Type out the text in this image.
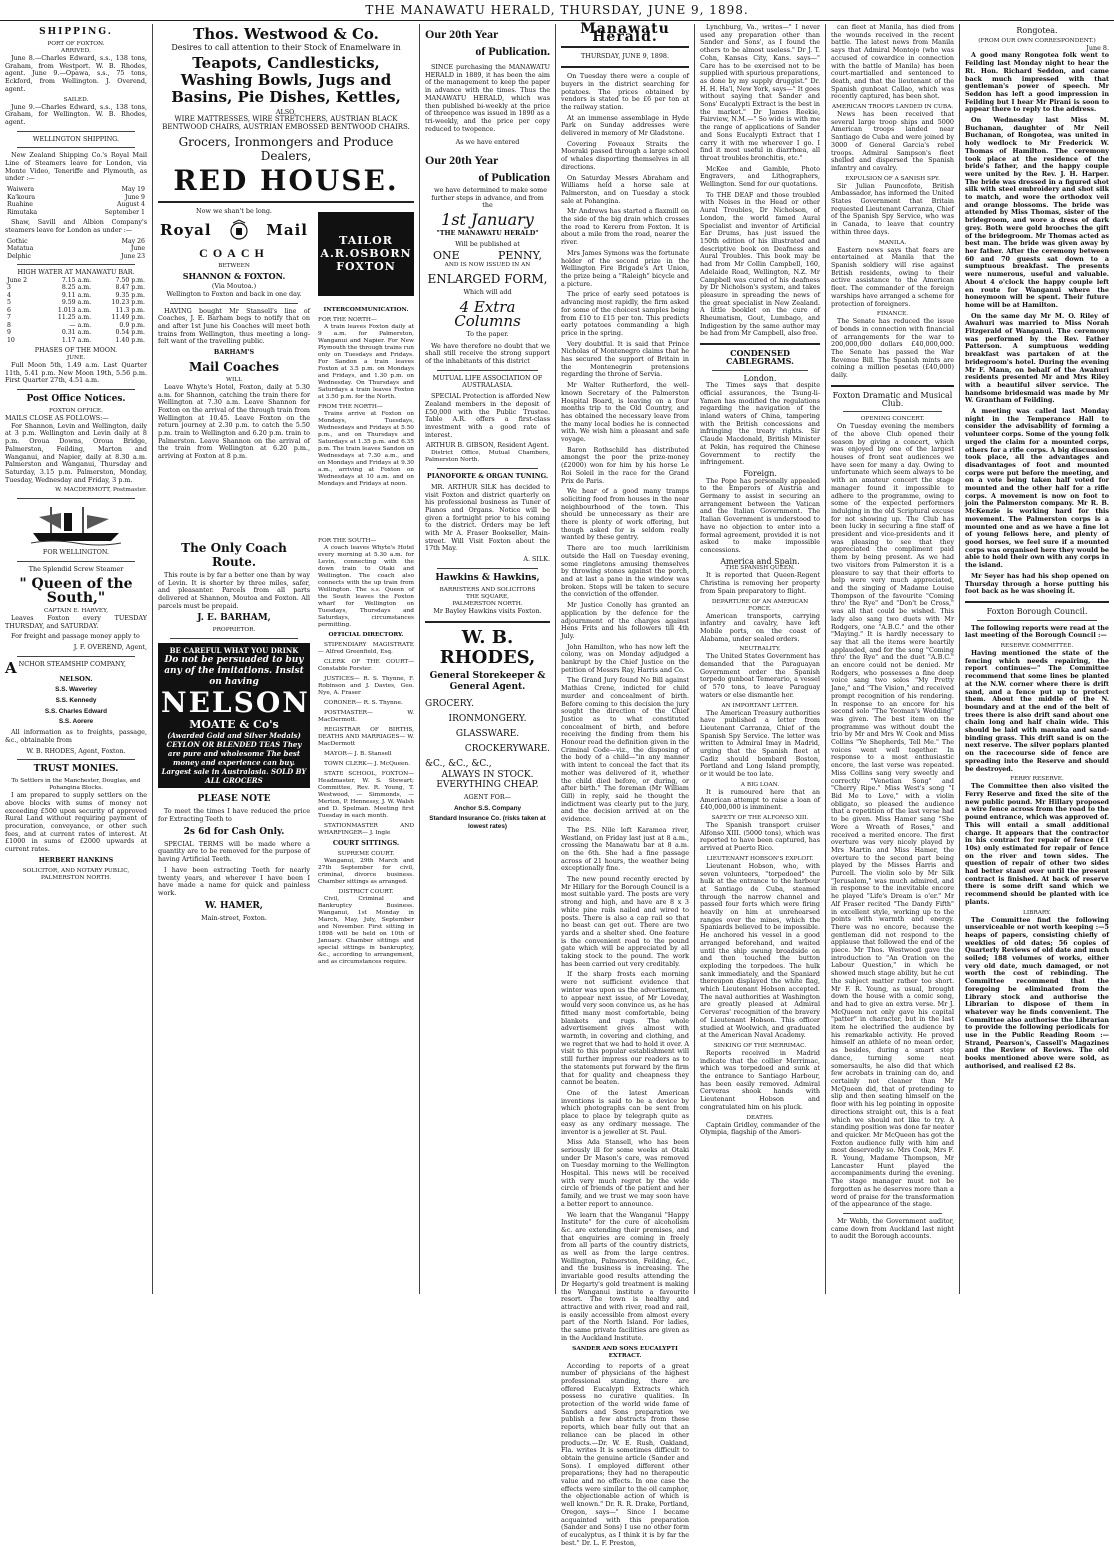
THE MANAWATU HERALD, THURSDAY, JUNE 9, 1898.
SHIPPING.
PORT OF FOXTON.
ARRIVED.

June 8.—Charles Edward, s.s., 138 tons, Graham, from Westport. W. B. Rhodes, agent. June 9.—Opawa, s.s., 75 tons, Eckford, from Wellington. J. Overend, agent.

SAILED.

June 9.—Charles Edward, s.s., 138 tons, Graham, for Wellington. W. B. Rhodes, agent.

WELLINGTON SHIPPING.

New Zealand Shipping Co.'s Royal Mail Line of Steamers leave for London, via Monte Video, Teneriffe and Plymouth, as under :—

Waiwera	May 19
Ka'koura	June 9
Ruahine	August 4
Rimutaka	September 1

Shaw, Savill and Albion Company's steamers leave for London as under :—

Gothic	May 26
Matatua	June
Delphic	June 23
HIGH WATER AT MANAWATU BAR.
June 2	7.15 a.m.	7.50 p.m.
3	8.25 a.m.	8.47 p.m.
4	9.11 a.m.	9.35 p.m.
5	9.59 a.m.	10.23 p.m.
6	1.013 a.m.	11.3 p.m.
7	11.25 a.m.	11.49 p.m.
8	— a.m.	0.9 p.m.
9	0.31 a.m.	0.54 p.m.
10	1.17 a.m.	1.40 p.m.
PHASES OF THE MOON.
JUNE.

Full Moon 5th, 1.49 a.m. Last Quarter 11th, 5.41 p.m. New Moon 19th, 5.56 p.m. First Quarter 27th, 4.51 a.m.

Post Office Notices.
FOXTON OFFICE.
MAILS CLOSE AS FOLLOWS:—

For Shannon, Levin and Wellington, daily at 3 p.m. Wellington and Levin daily at 8 p.m. Oroua Downs, Oroua Bridge, Palmerston, Feilding, Marton and Wanganui, and Napier, daily at 8.30 a.m. Palmerston and Wanganui, Thursday and Saturday, 3.15 p.m. Palmerston, Monday, Tuesday, Wednesday and Friday, 3 p.m.

W. MACDERMOTT, Postmaster.
FOR WELLINGTON.
The Splendid Screw Steamer
" Queen of the South,"
CAPTAIN E. HARVEY,

Leaves Foxton every TUESDAY THURSDAY, and SATURDAY.

For freight and passage money apply to

J. F. OVEREND, Agent,
ANCHOR STEAMSHIP COMPANY,
NELSON.
S.S. Waverley
S.S. Kennedy
S.S. Charles Edward
S.S. Aorere

All information as to freights, passage, &c., obtainable from

W. B. RHODES, Agent, Foxton.
TRUST MONIES.
To Settlers in the Manchester, Douglas, and Pohangina Blocks.

I am prepared to supply settlers on the above blocks with sums of money not exceeding £500 upon security of approved Rural Land without requiring payment of procuration, conveyance, or other such fees, and at current rates of interest. At £1000 in sums of £2000 upwards at current rates.

HERBERT HANKINS
SOLICITOR, AND NOTARY PUBLIC, PALMERSTON NORTH.
Thos. Westwood & Co.
Desires to call attention to their Stock of Enamelware in
Teapots, Candlesticks, Washing Bowls, Jugs and Basins, Pie Dishes, Kettles,
ALSO,
WIRE MATTRESSES, WIRE STRETCHERS, AUSTRIAN BLACK BENTWOOD CHAIRS, AUSTRIAN EMBOSSED BENTWOOD CHAIRS.
Grocers, Ironmongers and Produce Dealers,
RED HOUSE.
Now we shan't be long.
Royal	Mail
COACH
BETWEEN
SHANNON & FOXTON.
(Via Moutoa.)
Wellington to Foxton and back in one day.

HAVING bought Mr Stansell's line of Coaches, J. E. Barham begs to notify that on and after 1st June his Coaches will meet both trains from Wellington, thus meeting a long-felt want of the travelling public.

BARHAM'S
Mail Coaches
WILL

Leave Whyte's Hotel, Foxton, daily at 5.30 a.m. for Shannon, catching the train there for Wellington at 7.30 a.m. Leave Shannon for Foxton on the arrival of the through train from Wellington at 10.45. Leave Foxton on the return journey at 2.30 p.m. to catch the 5.50 p.m. train to Wellington and 6.20 p.m. train to Palmerston. Leave Shannon on the arrival of the train from Wellington at 6.20 p.m., arriving at Foxton at 8 p.m.

TAILOR
A.R.OSBORN
FOXTON
INTERCOMMUNICATION.
FOR THE NORTH—

A train leaves Foxton daily at 9 a.m. for Palmerston, Wanganui and Napier. For New Plymouth the through trains run only on Tuesdays and Fridays. For Sandon a train leaves Foxton at 3.5 p.m. on Mondays and Fridays, and 1.30 p.m. on Wednesday. On Thursdays and Saturdays a train leaves Foxton at 3.50 p.m. for the North.

FROM THE NORTH—

Trains arrive at Foxton on Mondays, Tuesdays, Wednesdays and Fridays at 5.50 p.m., and on Thursdays and Saturdays at 1.35 p.m. and 6.35 p.m. The train leaves Sandon on Wednesdays at 7.30 a.m., and on Mondays and Fridays at 9.30 a.m., arriving at Foxton on Wednesdays at 10 a.m. and on Mondays and Fridays at noon.

The Only Coach Route.

This route is by far a better one than by way of Levin. It is shorter by three miles, safer, and pleasanter. Parcels from all parts delivered at Shannon, Moutoa and Foxton. All parcels must be prepaid.

J. E. BARHAM,
PROPRIETOR.
BE CAREFUL WHAT YOU DRINK
Do not be persuaded to buy any of the imitations. Insist on having
NELSON
MOATE & Co's
(Awarded Gold and Silver Medals) CEYLON OR BLENDED TEAS They are pure and wholesome The best money and experience can buy. Largest sale in Australasia. SOLD BY ALL GROCERS
PLEASE NOTE

To meet the times I have reduced the price for Extracting Teeth to

2s 6d for Cash Only.

SPECIAL TERMS will be made where a quantity are to be removed for the purpose of having Artificial Teeth.

I have been extracting Teeth for nearly twenty years, and wherever I have been I have made a name for quick and painless work.

W. HAMER,
Main-street, Foxton.
FOR THE SOUTH—

A coach leaves Whyte's Hotel every morning at 5.30 a.m. for Levin, connecting with the down train to Otaki and Wellington. The coach also connects with the up train from Wellington. The s.s. Queen of the South leaves the Foxton wharf for Wellington on Tuesdays, Thursdays and Saturdays, circumstances permitting.

OFFICIAL DIRECTORY.

STIPENDIARY MAGISTRATE— Alfred Greenfield, Esq.

CLERK OF THE COURT— Constable Forster.

JUSTICES— R. S. Thynne, F. Robinson and J. Davies, Geo. Nye, A. Fraser

CORONER— R. S. Thynne.

POSTMASTER— W. MacDermott.

REGISTRAR OF BIRTHS, DEATHS AND MARRIAGES— W. MacDermott

MAYOR— J. B. Stansell

TOWN CLERK— J. McQueen.

STATE SCHOOL, FOXTON— Headmaster, W. S. Stewart; Committee, Rev. R. Young, T. Westwood, — Simmonds, — Merton, P. Hennessy, J. W. Walsh and D. Spelman. Meeting first Tuesday in each month.

STATIONMASTER AND WHARFINGER— J. Ingle

COURT SITTINGS.
SUPREME COURT.

Wanganui, 29th March and 27th September for civil, criminal, divorce business. Chamber sittings as arranged.

DISTRICT COURT.

Civil, Criminal and Bankruptcy Business. Wanganui, 1st Monday in March, May, July, September and November. First sitting in 1898 will be held on 10th of January. Chamber sittings and special sittings in bankruptcy, &c., according to arrangement, and as circumstances require.

Our 20th Year
of Publication.

SINCE purchasing the MANAWATU HERALD in 1889, it has been the aim of the management to keep the paper in advance with the times. Thus the MANAWATU HERALD, which was then published bi-weekly at the price of threepence was issued in 1890 as a tri-weekly, and the price per copy reduced to twopence.

As we have entered
Our 20th Year
of Publication

we have determined to make some further steps in advance, and from the

1st January
"THE MANAWATU HERALD"
Will be published at
ONE	PENNY,
AND IS NOW ISSUED IN AN
ENLARGED FORM,
Which will add
4 Extra Columns
To the paper.

We have therefore no doubt that we shall still receive the strong support of the inhabitants of this district

MUTUAL LIFE ASSOCIATION OF AUSTRALASIA.

SPECIAL Protection is afforded New Zealand members in the deposit of £50,000 with the Public Trustee. Table A.R. offers a first-class investment with a good rate of interest.

ARTHUR B. GIBSON, Resident Agent.

District Office, Mutual Chambers, Palmerston North.

PIANOFORTE & ORGAN TUNING.

MR. ARTHUR SILK has decided to visit Foxton and district quarterly on his professional business as Tuner of Pianos and Organs. Notice will be given a fortnight prior to his coming to the district. Orders may be left with Mr A. Fraser Bookseller, Main-street. Will Visit Foxton about the 17th May.

A. SILK.
Hawkins & Hawkins,
BARRISTERS AND SOLICITORS
THE SQUARE,
PALMERSTON NORTH.
Mr Bayley Hawkins visits Foxton.
W. B. RHODES,
General Storekeeper & General Agent.
GROCERY.
IRONMONGERY.
GLASSWARE.
CROCKERYWARE.
&C., &C., &C.,
ALWAYS IN STOCK.
EVERYTHING CHEAP.
AGENT FOR—
Anchor S.S. Company
Standard Insurance Co. (risks taken at lowest rates)
Manawatu Herald.
THURSDAY, JUNE 9, 1898.

On Tuesday there were a couple of buyers in the district searching for potatoes. The prices obtained by vendors is stated to be £6 per ton at the railway station.

At an immense assemblage in Hyde Park on Sunday addresses were delivered in memory of Mr Gladstone.

Covering Foveaux Straits the Moeraki passed through a large school of whales disporting themselves in all directions.

On Saturday Messrs Abraham and Williams held a horse sale at Palmerston, and on Tuesday a stock sale at Pohangina.

Mr Andrews has started a flaxmill on the side of the big drain which crosses the road to Kereru from Foxton. It is about a mile from the road, nearer the river.

Mrs James Symons was the fortunate holder of the second prize in the Wellington Fire Brigade's Art Union, the prize being a "Raleigh" bicycle and a picture.

The price of early seed potatoes is advancing most rapidly, the firm asked for some of the choicest samples being from £10 to £15 per ton. This predicts early potatoes commanding a high price in the spring.

Very doubtful. It is said that Prince Nicholas of Montenegro claims that he has secured the support of Britain in the Montenegrin pretensions regarding the throne of Servia.

Mr Walter Rutherford, the well-known Secretary of the Palmerston Hospital Board, is leaving on a four months trip to the Old Country, and has obtained the necessary leave from the many local bodies he is connected with. We wish him a pleasant and safe voyage.

Baron Rothschild has distributed amongst the poor the prize-money (£2000) won for him by his horse Le Roi Soleil in the race for the Grand Prix de Paris.

We hear of a good many tramps soliciting food from houses in the near neighbourhood of the town. This should be unnecessary as their are there is plenty of work offering, but though asked for is seldom really wanted by these gentry.

There are too much larrikinism outside the Hall on Tuesday evening, some ringletons amusing themselves by throwing stones against the porch, and at last a pane in the window was broken. Steps will be taken to secure the conviction of the offender.

Mr Justice Conolly has granted an application by the defence for the adjournment of the charges against Hens Frits and his followers till 4th July.

John Hamilton, who has now left the colony, was on Monday adjudged a bankrupt by the Chief Justice on the petition of Messrs Ray, Harris and Co.

The Grand Jury found No Bill against Mathias Crene, indicted for child murder and concealment of birth. Before coming to this decision the jury sought the direction of the Chief Justice as to what constituted concealment of birth, and before receiving the finding from them his Honour read the definition given in the Criminal Code—viz., the disposing of the body of a child—"in any manner with intent to conceal the fact that its mother was delivered of it, whether the child died before, or during, or after birth." The foreman (Mr William Gill) in reply, said he thought the indictment was clearly put to the jury, and the decision arrived at on the evidence.

The P.S. Nile left Karamea river, Westland, on Friday last just at 8 a.m., crossing the Manawatu bar at 8 a.m. on the 6th. She had a fine passage across of 21 hours, the weather being exceptionally fine.

The new pound recently erected by Mr Hillary for the Borough Council is a most suitable yard. The posts are very strong and high, and have are 8 x 3 white pine rails nailed and wired to posts. There is also a cap rail so that no beast can get out. There are two yards and a shelter shed. One feature is the convenient road to the pound gate which will be appreciated by all taking stock to the pound. The work has been carried out very creditably.

If the sharp frosts each morning were not sufficient evidence that winter was upon us the advertisement, to appear next issue, of Mr Loveday, would very soon convince us, as he has fitted many most comfortable, being blankets and rugs. The whole advertisement gives almost with warmth, in covering and clothing, and we regret that we had to hold it over. A visit to this popular establishment will still further impress our readers as to the statements put forward by the firm that for quality and cheapness they cannot be beaten.

One of the latest American inventions is said to be a device by which photographs can be sent from place to place by telegraph quite as easy as any ordinary message. The inventor is a jeweller at St. Paul.

Miss Ada Stansell, who has been seriously ill for some weeks at Otaki under Dr Mason's care, was removed on Tuesday morning to the Wellington Hospital. This news will be received with very much regret by the wide circle of friends of the patient and her family, and we trust we may soon have a better report to announce.

We learn that the Wanganui "Happy Institute" for the cure of alcoholism &c. are extending their premises, and that enquiries are coming in freely from all parts of the country districts, as well as from the large centres. Wellington, Palmerston, Feilding, &c., and the business is increasing. The invariable good results attending the Dr Hegarty's gold treatment is making the Wanganui institute a favourite resort. The town is healthy and attractive and with river, road and rail, is easily accessible from almost every part of the North Island. For ladies, the same private facilities are given as in the Auckland Institute.

SANDER AND SONS EUCALYPTI EXTRACT.

According to reports of a great number of physicians of the highest professional standing, there are offered Eucalypti Extracts which possess no curative qualities. In protection of the world wide fame of Sanders and Sons preparation we publish a few abstracts from these reports, which bear fully out that an reliance can be placed in other products.—Dr. W. E. Rush, Oakland, Fla. writes It is sometimes difficult to obtain the genuine article (Sander and Sons). I employed different other preparations; they had no therapeutic value and no effects. In one case the effects were similar to the oil camphor, the objectionable action of which is well known." Dr. R. R. Drake, Portland, Oregon, says—" Since I became acquainted with this preparation (Sander and Sons) I use no other form of eucalyptus, as I think it is by far the best." Dr. L. F. Preston,

Lynchburg, Va., writes—" I never used any preparation other than Sander and Sons', as I found the others to be almost useless." Dr J. T. Cohn, Kansas City, Kans. says—" Care has to be exercised not to be supplied with spurious preparations, as done by my supply druggist." Dr. H. H. Ha'l, New York, says—" It goes without saying that Sander and Sons' Eucalypti Extract is the best in the market." Dr James Reekie, Fairview, N.M.—" So wide is with me the range of applications of Sander and Sons Eucalypti Extract that I carry it with me wherever I go. I find it most useful in diarrhœa, all throat troubles bronchitis, etc."

McKee and Gamble, Photo Engravers, and Lithographers, Wellington. Send for our quotations.

To THE DEAF and those troubled with Noises in the Head or other Aural Troubles, Dr Nicholson, of London, the world famed Aural Specialist and inventor of Artificial Ear Drums, has just issued the 150th edition of his illustrated and descriptive book on Deafness and Aural Troubles. This book may be had from Mr Collin Campbell, 160, Adelaide Road, Wellington, N.Z. Mr Campbell was cured of his deafness by Dr Nicholson's system, and takes pleasure in spreading the news of the great specialist in New Zealand. A little booklet on the cure of Rheumatism, Gout, Lumbago, and Indigestion by the same author may be had from Mr Campbell, also free.

CONDENSED CABLEGRAMS.
London.

The Times says that despite official assurances, the Tsung-li-Yamen has modified the regulations regarding the navigation of the inland waters of China, tampering with the British concessions and infringing the treaty rights. Sir Claude Macdonald, British Minister at Pekin, has required the Chinese Government to rectify the infringement.

Foreign.

The Pope has personally appealed to the Emperors of Austria and Germany to assist in securing an arrangement between the Vatican and the Italian Government. The Italian Government is understood to have no objection to enter into a formal agreement, provided it is not asked to make impossible concessions.

America and Spain.
THE SPANISH QUEEN.

It is reported that Queen-Regent Christina is removing her property from Spain preparatory to flight.

DEPARTURE OF AN AMERICAN FORCE.

American transports, carrying infantry and cavalry, have left Mobile ports, on the coast of Alabama, under sealed orders.

NEUTRALITY.

The United States Government has demanded that the Paraguayan Government order the Spanish torpedo gunboat Temerario, a vessel of 570 tons, to leave Paraguay waters or else dismantle her.

AN IMPORTANT LETTER.

The American Treasury authorities have published a letter from Lieutenant Carranza, Chief of the Spanish Spy Service. The letter was written to Admiral Imay in Madrid, urging that the Spanish fleet at Cadiz should bombard Boston, Portland and Long Island promptly, or it would be too late.

A BIG LOAN.

It is rumoured here that an American attempt to raise a loan of £40,000,000 is imminent.

SAFETY OF THE ALFONSO XIII.

The Spanish transport cruiser Alfonso XIII. (5000 tons), which was reported to have been captured, has arrived at Puerto Rico.

LIEUTENANT HOBSON'S EXPLOIT.

Lieutenant Hobson, who, with seven volunteers, "torpedoed" the hulk at the entrance to the harbour at Santiago de Cuba, steamed through the narrow channel and passed four forts which were firing heavily on him at unrehearsed ranges over the mines, which the Spaniards believed to be impossible. He anchored his vessel in a good arranged beforehand, and waited until the ship swung broadside on and then touched the button exploding the torpedoes. The hulk sank immediately, and the Spaniard thereupon displayed the white flag, which Lieutenant Hobson accepted. The naval authorities at Washington are greatly pleased at Admiral Cerveras' recognition of the bravery of Lieutenant Hobson. This officer studied at Woolwich, and graduated at the American Naval Academy.

SINKING OF THE MERRIMAC.

Reports received in Madrid indicate that the collier Merrimac, which was torpedoed and sunk at the entrance to Santiago Harbour, has been easily removed. Admiral Cerveras shook hands with Lieutenant Hobson and congratulated him on his pluck.

DEATHS.

Captain Gridley, commander of the Olympia, flagship of the Ameri-

can fleet at Manila, has died from the wounds received in the recent battle. The latest news from Manila says that Admiral Montojo (who was accused of cowardice in connection with the battle of Manila) has been court-martialled and sentenced to death, and that the lieutenant of the Spanish gunboat Callao, which was recently captured, has been shot.

AMERICAN TROOPS LANDED IN CUBA.

News has been received that several large troop ships and 5000 American troops landed near Santiago de Cuba and were joined by 3000 of General Garcia's rebel troops. Admiral Sampson's fleet shelled and dispersed the Spanish infantry and cavalry.

EXPULSION OF A SANISH SPY.

Sir Julian Pauncefote, British Ambassador, has informed the United States Government that Britain requested Lieutenant Carranza, Chief of the Spanish Spy Service, who was in Canada, to leave that country within three days.

MANILA.

Eastern news says that fears are entertained at Manila that the Spanish soldiery will rise against British residents, owing to their active assistance to the American fleet. The commander of the foreign warships have arranged a scheme for protection of foreigners.

FINANCE.

The Senate has reduced the issue of bonds in connection with financial of arrangements for the war to 200,000,000 dollars £40,000,000. The Senate has passed the War Revenue Bill. The Spanish mints are coining a million pesetas (£40,000) daily.

Foxton Dramatic and Musical Club.
OPENING CONCERT.

On Tuesday evening the members of the above Club opened their season by giving a concert, which was enjoyed by one of the largest houses of front seat audiences we have seen for many a day. Owing to unfortunate which seem always to be with an amateur concert the stage manager found it impossible to adhere to the programme, owing to some of the expected performers indulging in the old Scriptural excuse for not showing up. The Club has been lucky in securing a fine staff of president and vice-presidents and it was pleasing to see that they appreciated the compliment paid them by being present. As we had two visitors from Palmerston it is a pleasure to say that their efforts to help were very much appreciated, and the singing of Madame Louise Thompson of the favourite "Coming thro' the Rye" and "Don't be Cross," was all that could be wished. This lady also sang two duets with Mr Rodgers, one "A.B.C." and the other "Maying." It is hardly necessary to say that all the items were heartily applauded, and for the song "Coming thro' the Rye" and the duet "A.B.C." an encore could not be denied. Mr Rodgers, who possesses a fine deep voice sang two solos "My Pretty Jane," and "The Vision," and received prompt recognition of his rendering. In response to an encore for his second solo "The Yeoman's Wedding" was given. The best item on the programme was without doubt the trio by Mr and Mrs W. Cook and Miss Collins "Ye Shepherds, Tell Me." The voices went well together. In response to a most enthusiastic encore, the last verse was repeated. Miss Collins sang very sweetly and correctly "Venetian Song" and "Cherry Ripe." Miss West's song "I Bid Me to Love," with a violin obligato, so pleased the audience that a repetition of the last verse had to be given. Miss Hamer sang "She Wore a Wreath of Roses," and received a merited encore. The first overture was very nicely played by Mrs Martin and Miss Hamer, the overture to the second part being played by the Misses Harris and Purcell. The violin solo by Mr Silk "Jerusalem," was much admired, and in response to the inevitable encore he played "Life's Dream is o'er." Mr Alf Fraser recited "The Dandy Fifth" in excellent style, working up to the points with warmth and energy. There was no encore, because the gentleman did not respond to the applause that followed the end of the piece. Mr Thos. Westwood gave the introduction to "An Oration on the Labour Question," in which he showed much stage ability, but he cut the subject matter rather too short. Mr F. R. Young, as usual, brought down the house with a comic song, and had to give an extra verse. Mr J. McQueen not only gave his capital "patter" in character, but in the last item he electrified the audience by his remarkable activity. He proved himself an athlete of no mean order, as besides, during a smart step dance, turning some neat somersaults, he also did that which few acrobats in training can do, and certainly not cleaner than Mr McQueen did, that of pretending to slip and then seating himself on the floor with his leg pointing in opposite directions straight out, this is a feat which we should not like to try. A standing position was done far neater and quicker. Mr McQueen has got the Foxton audience fully with him and most deservedly so. Mrs Cook, Mrs F. R. Young, Madame Thompson, Mr Lancaster Hunt played the accompaniments during the evening. The stage manager must not be forgotten as he deserves more than a word of praise for the transformation of the appearance of the stage.

Mr Webb, the Government auditor, came down from Auckland last night to audit the Borough accounts.

Rongotea.
(FROM OUR OWN CORRESPONDENT.)
June 8.

A good many Rongotea folk went to Feilding last Monday night to hear the Rt. Hon. Richard Seddon, and came back much impressed with that gentleman's power of speech. Mr Seddon has left a good impression in Feilding but I hear Mr Pirani is soon to appear there to reply to the address.

On Wednesday last Miss M. Buchanan, daughter of Mr Neil Buchanan, of Rongotea, was united in holy wedlock to Mr Frederick W. Thomas of Hamilton. The ceremony took place at the residence of the bride's father, and the happy couple were united by the Rev. J. H. Harper. The bride was dressed in a figured shot silk with steel embroidery and shot silk to match, and wore the orthodox veil and orange blossoms. The bride was attended by Miss Thomas, sister of the bridegroom, and wore a dress of dark grey. Both were gold brooches the gift of the bridegroom. Mr Thomas acted as best man. The bride was given away by her father. After the ceremony between 60 and 70 guests sat down to a sumptuous breakfast. The presents were numerous, useful and valuable. About 4 o'clock the happy couple left en route for Wanganui where the honeymoon will be spent. Their future home will be at Hamilton.

On the same day Mr M. O. Riley of Awahuri was married to Miss Norah Fitzgerald of Wanganui. The ceremony was performed by the Rev. Father Patterson. A sumptuous wedding breakfast was partaken of at the bridegroom's hotel. During the evening Mr F. Mann, on behalf of the Awahuri residents presented Mr and Mrs Riley with a beautiful silver service. The handsome bridesmaid was made by Mr W. Grantham of Feilding.

A meeting was called last Monday night in the Temperance Hall to consider the advisability of forming a volunteer corps. Some of the young folk urged the claim for a mounted corps, others for a rifle corps. A big discussion took place, all the advantages and disadvantages of foot and mounted corps were put before the meeting, and on a vote being taken half voted for mounted and the other half for a rifle corps. A movement is now on foot to join the Palmerston company. Mr R. B. McKenzie is working hard for this movement. The Palmerston corps is a mounted one and as we have a fine lot of young fellows here, and plenty of good horses, we feel sure if a mounted corps was organised here they would be able to hold their own with any corps in the island.

Mr Seyer has had his shop opened on Thursday through a horse putting his foot back as he was shoeing it.

Foxton Borough Council.

The following reports were read at the last meeting of the Borough Council :—

RESERVE COMMITTEE.

Having mentioned the state of the fencing which needs repairing, the report continues—" The Committee recommend that some lines be planted at the N.W. corner where there is drift sand, and a fence put up to protect them. About the middle of the N. boundary and at the end of the belt of trees there is also drift sand about one chain long and half chain wide. This should be laid with manuka and sand-binding grass. This drift sand is on the next reserve. The silver poplars planted on the racecourse side of fence are spreading into the Reserve and should be destroyed.

FERRY RESERVE.

The Committee then also visited the Ferry Reserve and fixed the site of the new public pound. Mr Hillary proposed a wire fence across from the road to the pound entrance, which was approved of. This will entail a small additional charge. It appears that the contractor in his contract for repair of fence (£1 10s) only estimated for repair of fence on the river and town sides. The question of repair of other two sides had better stand over until the present contract is finished. At back of reserve there is some drift sand which we recommend should be planted with ice plants.

LIBRARY.

The Committee find the following unserviceable or not worth keeping :—5 heaps of papers, consisting chiefly of weeklies of old dates; 56 copies of Quarterly Reviews of old date and much soiled; 188 volumes of works, either very old date, much damaged, or not worth the cost of rebinding. The Committee recommend that the foregoing be eliminated from the Library stock and authorise the Librarian to dispose of them in whatever way he finds convenient. The Committee also authorise the Librarian to provide the following periodicals for use in the Public Reading Room :—Strand, Pearson's, Cassell's Magazines and the Review of Reviews. The old books mentioned above were sold, as authorised, and realised £2 8s.
